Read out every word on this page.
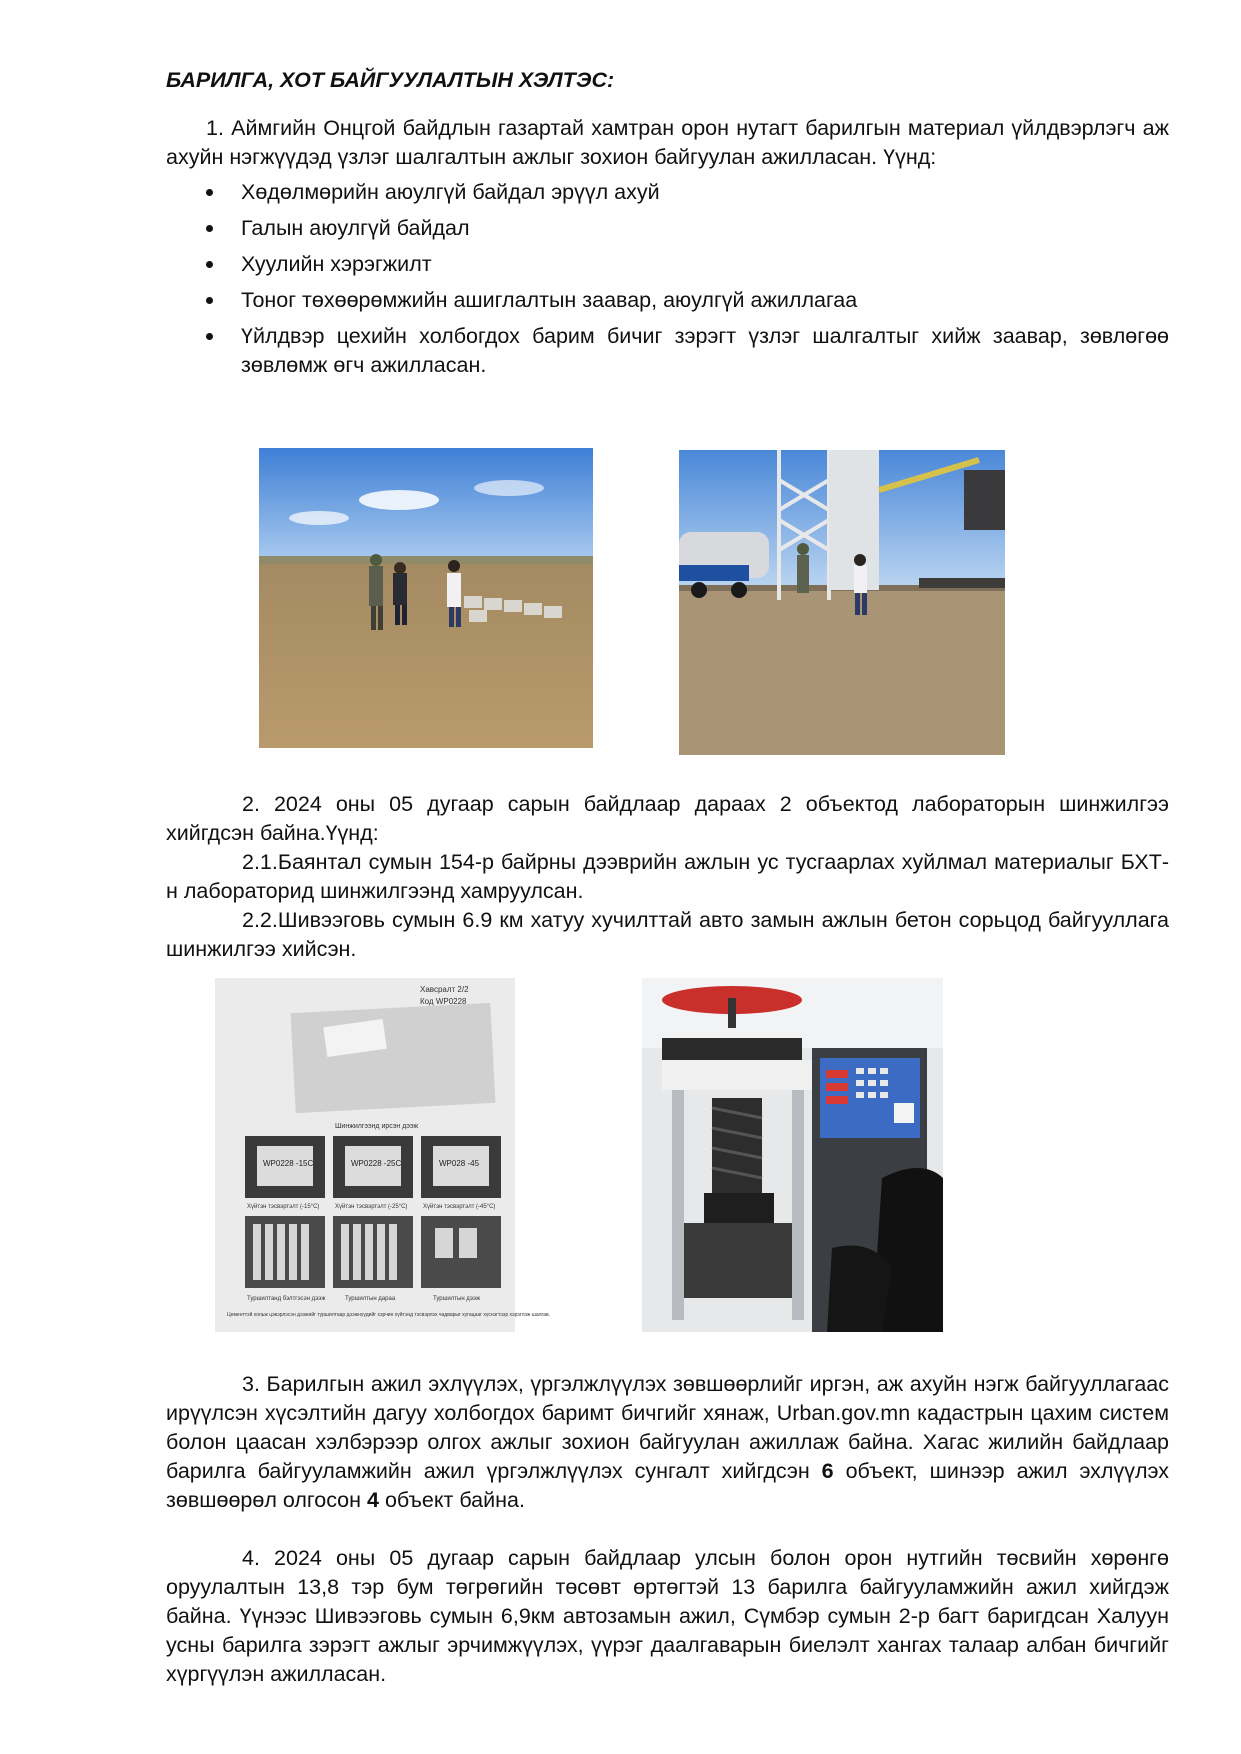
БАРИЛГА, ХОТ БАЙГУУЛАЛТЫН ХЭЛТЭС:

1. Аймгийн Онцгой байдлын газартай хамтран орон нутагт барилгын материал үйлдвэрлэгч аж ахуйн нэгжүүдэд үзлэг шалгалтын ажлыг зохион байгуулан ажилласан. Үүнд:

Хөдөлмөрийн аюулгүй байдал эрүүл ахуй
Галын аюулгүй байдал
Хуулийн хэрэгжилт
Тоног төхөөрөмжийн ашиглалтын заавар, аюулгүй ажиллагаа
Үйлдвэр цехийн холбогдох барим бичиг зэрэгт үзлэг шалгалтыг хийж заавар, зөвлөгөө зөвлөмж өгч ажилласан.

2. 2024 оны 05 дугаар сарын байдлаар дараах 2 объектод лабораторын шинжилгээ хийгдсэн байна.Үүнд:

2.1.Баянтал сумын 154-р байрны дээврийн ажлын ус тусгаарлах хуйлмал материалыг БХТ-н лабораторид шинжилгээнд хамруулсан.

2.2.Шивээговь сумын 6.9 км хатуу хучилттай авто замын ажлын бетон сорьцод байгууллага шинжилгээ хийсэн.

Хавсралт 2/2
Код WP0228
Шинжилгээнд ирсэн дээж
WP0228 -15C	WP0228 -25C	WP028 -45
Хүйтэн тэсвэртэлт (-15°C)	Хүйтэн тэсвэртэлт (-25°C)	Хүйтэн тэсвэртэлт (-45°C)
Туршилтанд бэлтгэсэн дээж	Туршилтын дараа	Туршилтын дээж
Цементтэй хольж цэвэрлэсэн дээжийг туршилтаар дээжнүүдийг хэрчин хүйтэнд тэсвэрлэх чадварыг хугацааг хүснэгтээр хэрэглэж шалгав.

3. Барилгын ажил эхлүүлэх, үргэлжлүүлэх зөвшөөрлийг иргэн, аж ахуйн нэгж байгууллагаас ирүүлсэн хүсэлтийн дагуу холбогдох баримт бичгийг хянаж, Urban.gov.mn кадастрын цахим систем болон цаасан хэлбэрээр олгох ажлыг зохион байгуулан ажиллаж байна. Хагас жилийн байдлаар барилга байгууламжийн ажил үргэлжлүүлэх сунгалт хийгдсэн 6 объект, шинээр ажил эхлүүлэх зөвшөөрөл олгосон 4 объект байна.

4. 2024 оны 05 дугаар сарын байдлаар улсын болон орон нутгийн төсвийн хөрөнгө оруулалтын 13,8 тэр бум төгрөгийн төсөвт өртөгтэй 13 барилга байгууламжийн ажил хийгдэж байна. Үүнээс Шивээговь сумын 6,9км автозамын ажил, Сүмбэр сумын 2-р багт баригдсан Халуун усны барилга зэрэгт ажлыг эрчимжүүлэх, үүрэг даалгаварын биелэлт хангах талаар албан бичгийг хүргүүлэн ажилласан.
